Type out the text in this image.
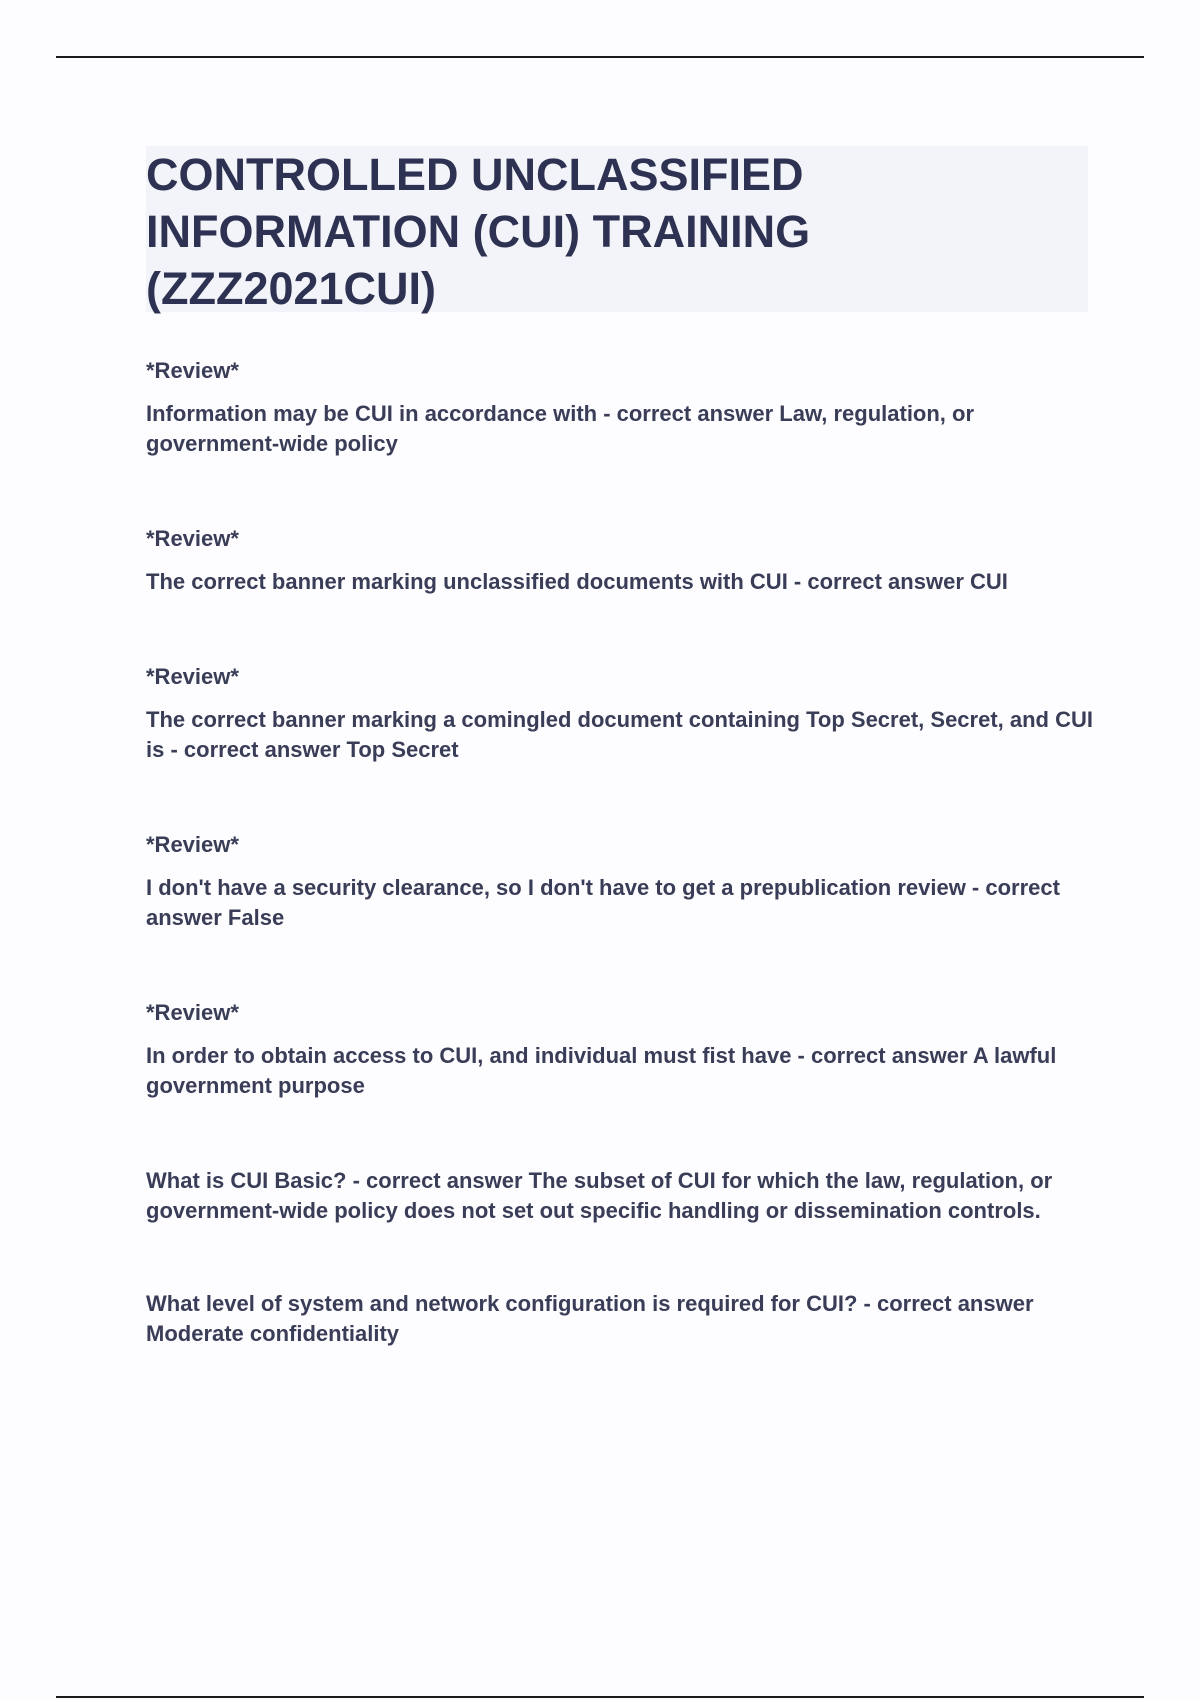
CONTROLLED UNCLASSIFIED INFORMATION (CUI) TRAINING (ZZZ2021CUI)

*Review*

Information may be CUI in accordance with - correct answer Law, regulation, or government-wide policy

*Review*

The correct banner marking unclassified documents with CUI - correct answer CUI

*Review*

The correct banner marking a comingled document containing Top Secret, Secret, and CUI is - correct answer Top Secret

*Review*

I don't have a security clearance, so I don't have to get a prepublication review - correct answer False

*Review*

In order to obtain access to CUI, and individual must fist have - correct answer A lawful government purpose

What is CUI Basic? - correct answer The subset of CUI for which the law, regulation, or government-wide policy does not set out specific handling or dissemination controls.

What level of system and network configuration is required for CUI? - correct answer Moderate confidentiality
